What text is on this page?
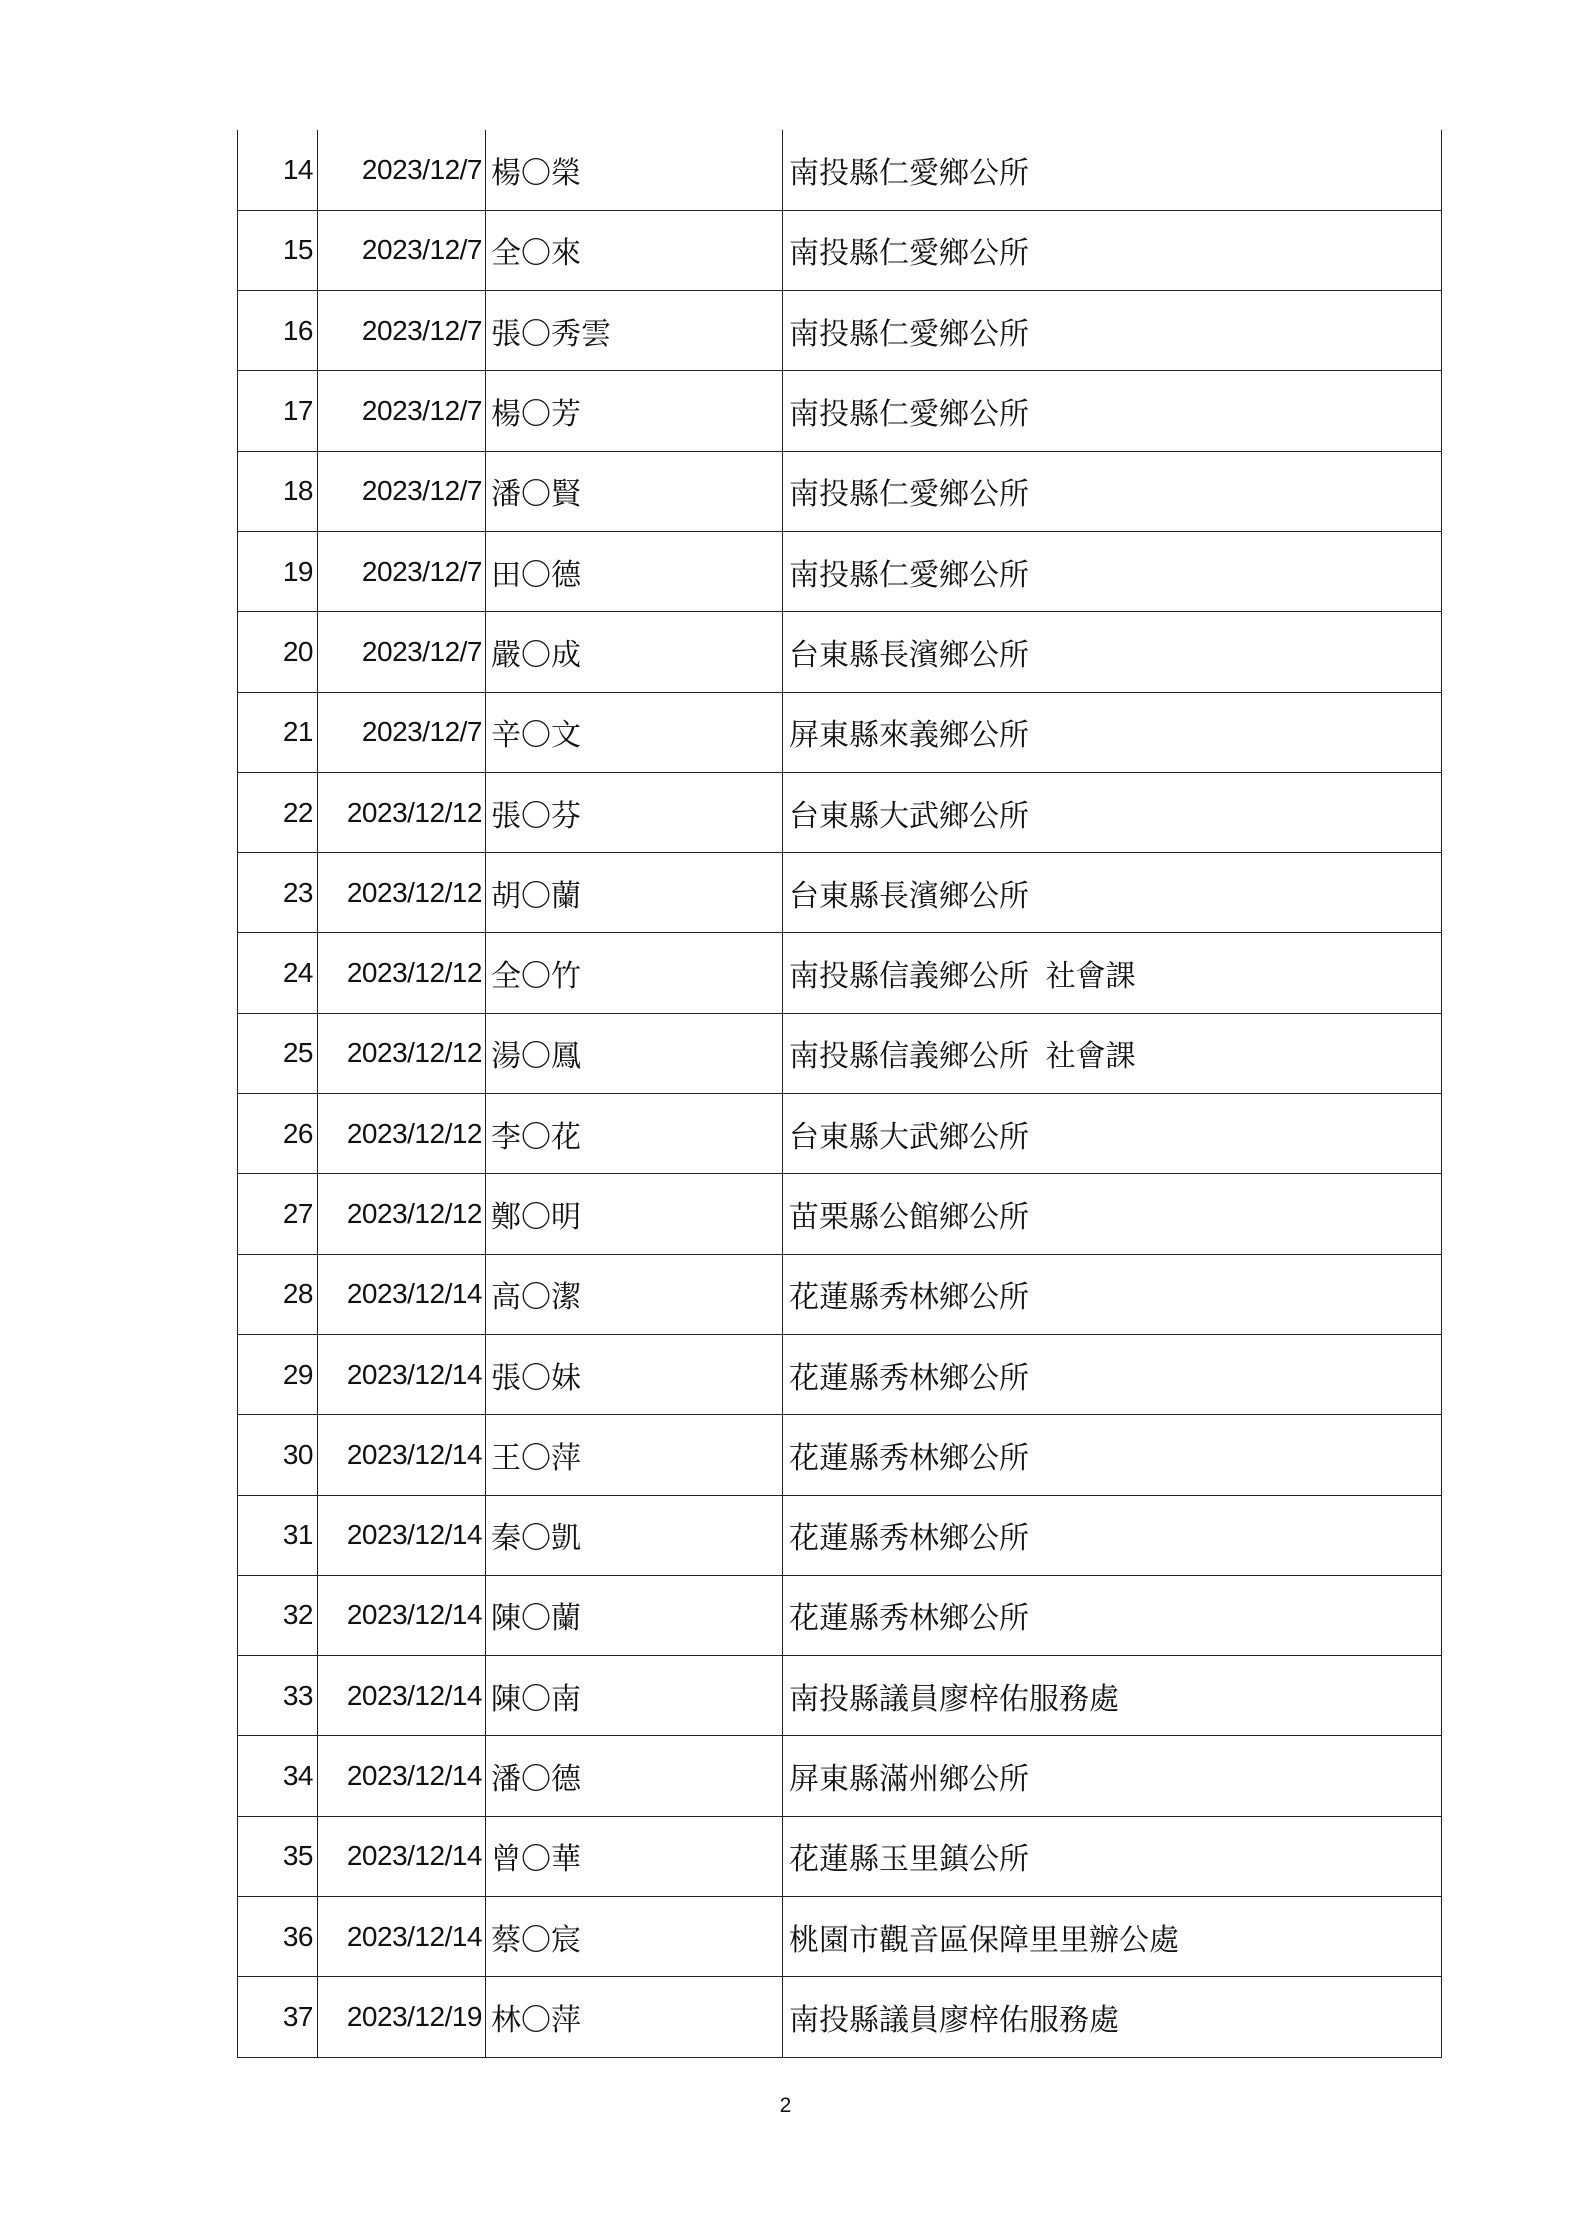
14	2023/12/7	楊〇榮	南投縣仁愛鄉公所
15	2023/12/7	全〇來	南投縣仁愛鄉公所
16	2023/12/7	張〇秀雲	南投縣仁愛鄉公所
17	2023/12/7	楊〇芳	南投縣仁愛鄉公所
18	2023/12/7	潘〇賢	南投縣仁愛鄉公所
19	2023/12/7	田〇德	南投縣仁愛鄉公所
20	2023/12/7	嚴〇成	台東縣長濱鄉公所
21	2023/12/7	辛〇文	屏東縣來義鄉公所
22	2023/12/12	張〇芬	台東縣大武鄉公所
23	2023/12/12	胡〇蘭	台東縣長濱鄉公所
24	2023/12/12	全〇竹	南投縣信義鄉公所  社會課
25	2023/12/12	湯〇鳳	南投縣信義鄉公所  社會課
26	2023/12/12	李〇花	台東縣大武鄉公所
27	2023/12/12	鄭〇明	苗栗縣公館鄉公所
28	2023/12/14	高〇潔	花蓮縣秀林鄉公所
29	2023/12/14	張〇妹	花蓮縣秀林鄉公所
30	2023/12/14	王〇萍	花蓮縣秀林鄉公所
31	2023/12/14	秦〇凱	花蓮縣秀林鄉公所
32	2023/12/14	陳〇蘭	花蓮縣秀林鄉公所
33	2023/12/14	陳〇南	南投縣議員廖梓佑服務處
34	2023/12/14	潘〇德	屏東縣滿州鄉公所
35	2023/12/14	曾〇華	花蓮縣玉里鎮公所
36	2023/12/14	蔡〇宸	桃園市觀音區保障里里辦公處
37	2023/12/19	林〇萍	南投縣議員廖梓佑服務處
2
